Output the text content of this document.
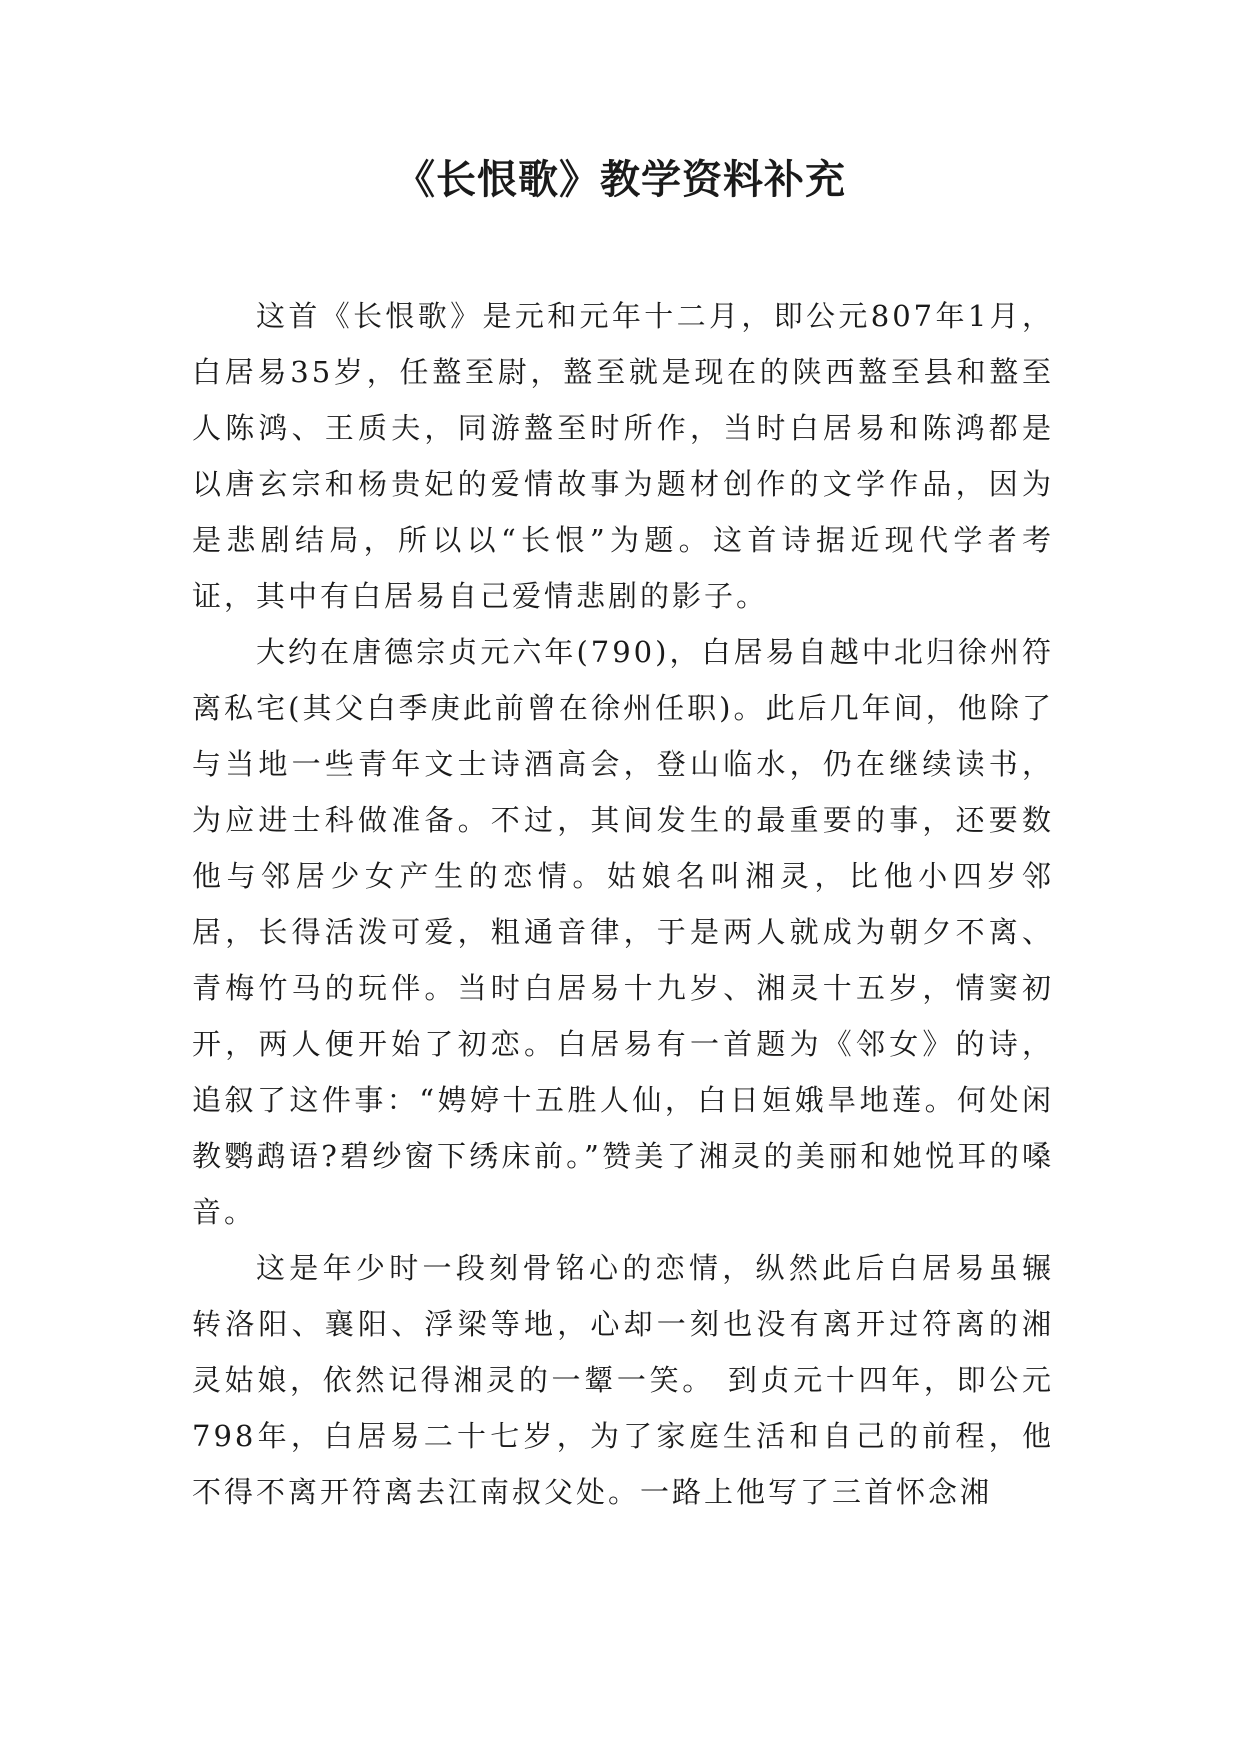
《长恨歌》教学资料补充

这首《长恨歌》是元和元年十二月，即公元807年1月，白居易35岁，任盩至尉，盩至就是现在的陕西盩至县和盩至人陈鸿、王质夫，同游盩至时所作，当时白居易和陈鸿都是以唐玄宗和杨贵妃的爱情故事为题材创作的文学作品，因为是悲剧结局，所以以“长恨”为题。这首诗据近现代学者考证，其中有白居易自己爱情悲剧的影子。

大约在唐德宗贞元六年(790)，白居易自越中北归徐州符离私宅(其父白季庚此前曾在徐州任职)。此后几年间，他除了与当地一些青年文士诗酒高会，登山临水，仍在继续读书，为应进士科做准备。不过，其间发生的最重要的事，还要数他与邻居少女产生的恋情。姑娘名叫湘灵，比他小四岁邻居，长得活泼可爱，粗通音律，于是两人就成为朝夕不离、青梅竹马的玩伴。当时白居易十九岁、湘灵十五岁，情窦初开，两人便开始了初恋。白居易有一首题为《邻女》的诗，追叙了这件事：“娉婷十五胜人仙，白日姮娥旱地莲。何处闲教鹦鹉语?碧纱窗下绣床前。”赞美了湘灵的美丽和她悦耳的嗓音。

这是年少时一段刻骨铭心的恋情，纵然此后白居易虽辗转洛阳、襄阳、浮梁等地，心却一刻也没有离开过符离的湘灵姑娘，依然记得湘灵的一颦一笑。 到贞元十四年，即公元798年，白居易二十七岁，为了家庭生活和自己的前程，他不得不离开符离去江南叔父处。一路上他写了三首怀念湘
